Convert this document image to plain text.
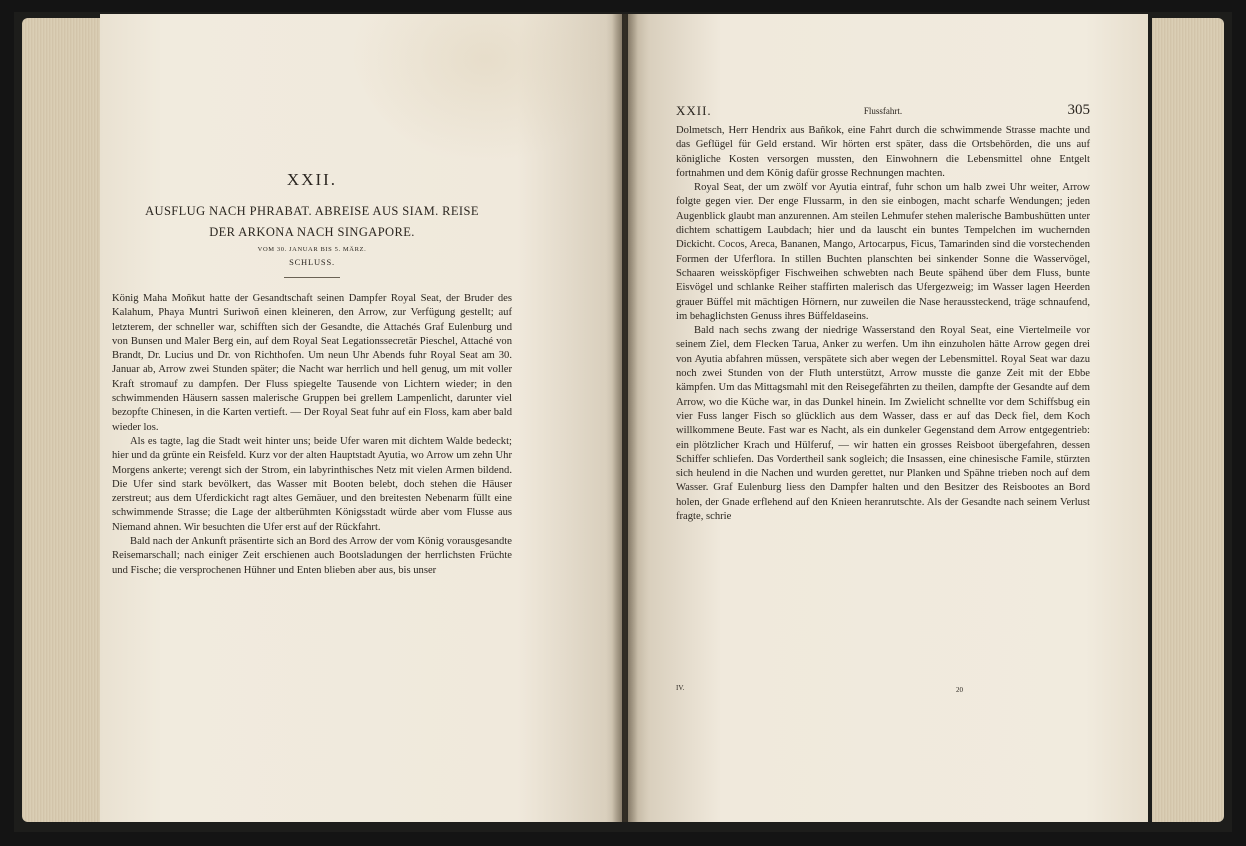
XXII.
AUSFLUG NACH PHRABAT. ABREISE AUS SIAM. REISE
DER ARKONA NACH SINGAPORE.
VOM 30. JANUAR BIS 5. MÄRZ.
SCHLUSS.

König Maha Moñkut hatte der Gesandtschaft seinen Dampfer Royal Seat, der Bruder des Kalahum, Phaya Muntri Suriwoñ einen kleineren, den Arrow, zur Verfügung gestellt; auf letzterem, der schneller war, schifften sich der Gesandte, die Attachés Graf Eulenburg und von Bunsen und Maler Berg ein, auf dem Royal Seat Legationssecretär Pieschel, Attaché von Brandt, Dr. Lucius und Dr. von Richthofen. Um neun Uhr Abends fuhr Royal Seat am 30. Januar ab, Arrow zwei Stunden später; die Nacht war herrlich und hell genug, um mit voller Kraft stromauf zu dampfen. Der Fluss spiegelte Tausende von Lichtern wieder; in den schwimmenden Häusern sassen malerische Gruppen bei grellem Lampenlicht, darunter viel bezopfte Chinesen, in die Karten vertieft. — Der Royal Seat fuhr auf ein Floss, kam aber bald wieder los.

Als es tagte, lag die Stadt weit hinter uns; beide Ufer waren mit dichtem Walde bedeckt; hier und da grünte ein Reisfeld. Kurz vor der alten Hauptstadt Ayutia, wo Arrow um zehn Uhr Morgens ankerte; verengt sich der Strom, ein labyrinthisches Netz mit vielen Armen bildend. Die Ufer sind stark bevölkert, das Wasser mit Booten belebt, doch stehen die Häuser zerstreut; aus dem Uferdickicht ragt altes Gemäuer, und den breitesten Nebenarm füllt eine schwimmende Strasse; die Lage der altberühmten Königsstadt würde aber vom Flusse aus Niemand ahnen. Wir besuchten die Ufer erst auf der Rückfahrt.

Bald nach der Ankunft präsentirte sich an Bord des Arrow der vom König vorausgesandte Reisemarschall; nach einiger Zeit erschienen auch Bootsladungen der herrlichsten Früchte und Fische; die versprochenen Hühner und Enten blieben aber aus, bis unser

XXII.	Flussfahrt.	305

Dolmetsch, Herr Hendrix aus Bañkok, eine Fahrt durch die schwimmende Strasse machte und das Geflügel für Geld erstand. Wir hörten erst später, dass die Ortsbehörden, die uns auf königliche Kosten versorgen mussten, den Einwohnern die Lebensmittel ohne Entgelt fortnahmen und dem König dafür grosse Rechnungen machten.

Royal Seat, der um zwölf vor Ayutia eintraf, fuhr schon um halb zwei Uhr weiter, Arrow folgte gegen vier. Der enge Flussarm, in den sie einbogen, macht scharfe Wendungen; jeden Augenblick glaubt man anzurennen. Am steilen Lehmufer stehen malerische Bambushütten unter dichtem schattigem Laubdach; hier und da lauscht ein buntes Tempelchen im wuchernden Dickicht. Cocos, Areca, Bananen, Mango, Artocarpus, Ficus, Tamarinden sind die vorstechenden Formen der Uferflora. In stillen Buchten planschten bei sinkender Sonne die Wasservögel, Schaaren weissköpfiger Fischweihen schwebten nach Beute spähend über dem Fluss, bunte Eisvögel und schlanke Reiher staffirten malerisch das Ufergezweig; im Wasser lagen Heerden grauer Büffel mit mächtigen Hörnern, nur zuweilen die Nase heraussteckend, träge schnaufend, im behaglichsten Genuss ihres Büffeldaseins.

Bald nach sechs zwang der niedrige Wasserstand den Royal Seat, eine Viertelmeile vor seinem Ziel, dem Flecken Tarua, Anker zu werfen. Um ihn einzuholen hätte Arrow gegen drei von Ayutia abfahren müssen, verspätete sich aber wegen der Lebensmittel. Royal Seat war dazu noch zwei Stunden von der Fluth unterstützt, Arrow musste die ganze Zeit mit der Ebbe kämpfen. Um das Mittagsmahl mit den Reisegefährten zu theilen, dampfte der Gesandte auf dem Arrow, wo die Küche war, in das Dunkel hinein. Im Zwielicht schnellte vor dem Schiffsbug ein vier Fuss langer Fisch so glücklich aus dem Wasser, dass er auf das Deck fiel, dem Koch willkommene Beute. Fast war es Nacht, als ein dunkeler Gegenstand dem Arrow entgegentrieb: ein plötzlicher Krach und Hülferuf, — wir hatten ein grosses Reisboot übergefahren, dessen Schiffer schliefen. Das Vordertheil sank sogleich; die Insassen, eine chinesische Famile, stürzten sich heulend in die Nachen und wurden gerettet, nur Planken und Spähne trieben noch auf dem Wasser. Graf Eulenburg liess den Dampfer halten und den Besitzer des Reisbootes an Bord holen, der Gnade erflehend auf den Knieen heranrutschte. Als der Gesandte nach seinem Verlust fragte, schrie

IV.	20
